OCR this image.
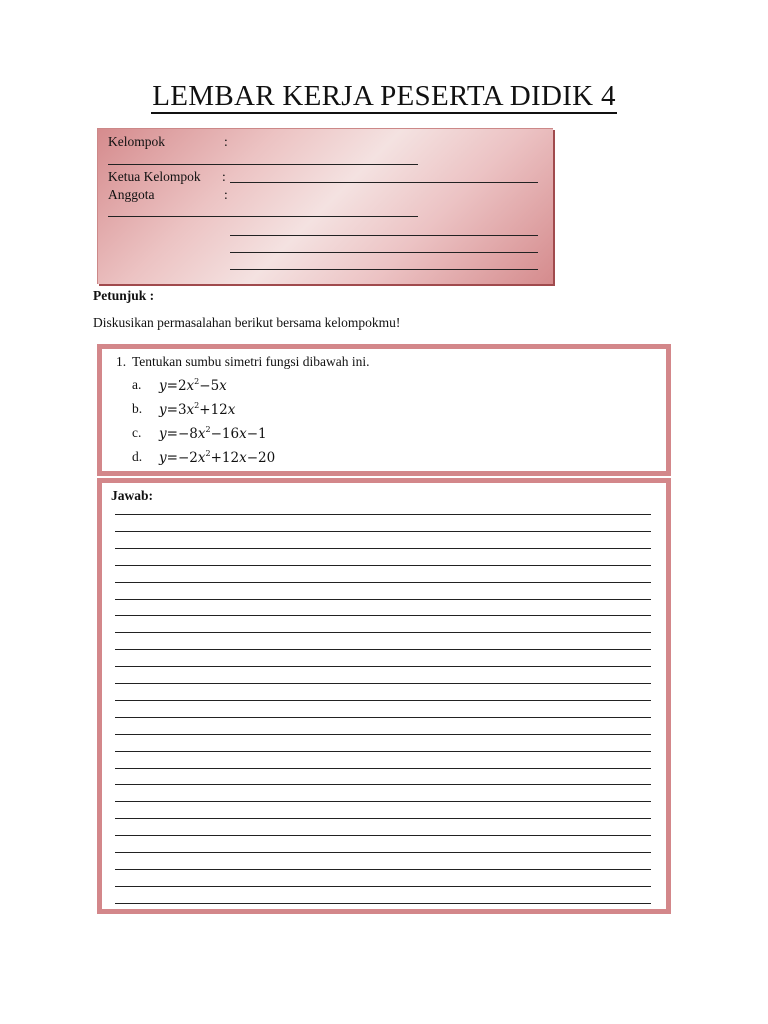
LEMBAR KERJA PESERTA DIDIK 4
Kelompok	:
Ketua Kelompok :
Anggota	:
Petunjuk :
Diskusikan permasalahan berikut bersama kelompokmu!
1. Tentukan sumbu simetri fungsi dibawah ini.
a. $y=2x^2-5x$
b. $y=3x^2+12x$
c. $y=-8x^2-16x-1$
d. $y=-2x^2+12x-20$
Jawab:
